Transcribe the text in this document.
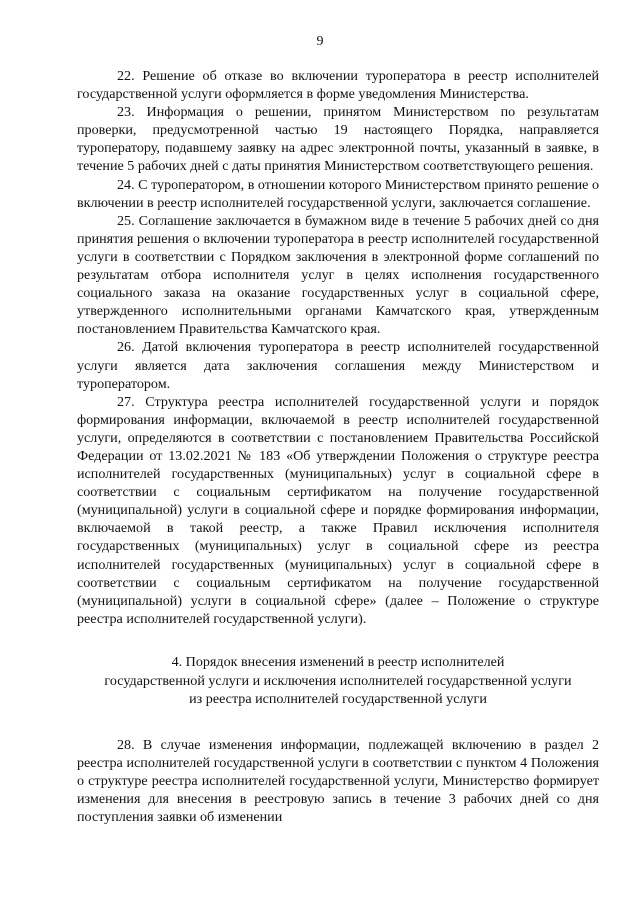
9

22. Решение об отказе во включении туроператора в реестр исполнителей государственной услуги оформляется в форме уведомления Министерства.

23. Информация о решении, принятом Министерством по результатам проверки, предусмотренной частью 19 настоящего Порядка, направляется туроператору, подавшему заявку на адрес электронной почты, указанный в заявке, в течение 5 рабочих дней с даты принятия Министерством соответствующего решения.

24. С туроператором, в отношении которого Министерством принято решение о включении в реестр исполнителей государственной услуги, заключается соглашение.

25. Соглашение заключается в бумажном виде в течение 5 рабочих дней со дня принятия решения о включении туроператора в реестр исполнителей государственной услуги в соответствии с Порядком заключения в электронной форме соглашений по результатам отбора исполнителя услуг в целях исполнения государственного социального заказа на оказание государственных услуг в социальной сфере, утвержденного исполнительными органами Камчатского края, утвержденным постановлением Правительства Камчатского края.

26. Датой включения туроператора в реестр исполнителей государственной услуги является дата заключения соглашения между Министерством и туроператором.

27. Структура реестра исполнителей государственной услуги и порядок формирования информации, включаемой в реестр исполнителей государственной услуги, определяются в соответствии с постановлением Правительства Российской Федерации от 13.02.2021 № 183 «Об утверждении Положения о структуре реестра исполнителей государственных (муниципальных) услуг в социальной сфере в соответствии с социальным сертификатом на получение государственной (муниципальной) услуги в социальной сфере и порядке формирования информации, включаемой в такой реестр, а также Правил исключения исполнителя государственных (муниципальных) услуг в социальной сфере из реестра исполнителей государственных (муниципальных) услуг в социальной сфере в соответствии с социальным сертификатом на получение государственной (муниципальной) услуги в социальной сфере» (далее – Положение о структуре реестра исполнителей государственной услуги).

4. Порядок внесения изменений в реестр исполнителей
государственной услуги и исключения исполнителей государственной услуги
из реестра исполнителей государственной услуги

28. В случае изменения информации, подлежащей включению в раздел 2 реестра исполнителей государственной услуги в соответствии с пунктом 4 Положения о структуре реестра исполнителей государственной услуги, Министерство формирует изменения для внесения в реестровую запись в течение 3 рабочих дней со дня поступления заявки об изменении
